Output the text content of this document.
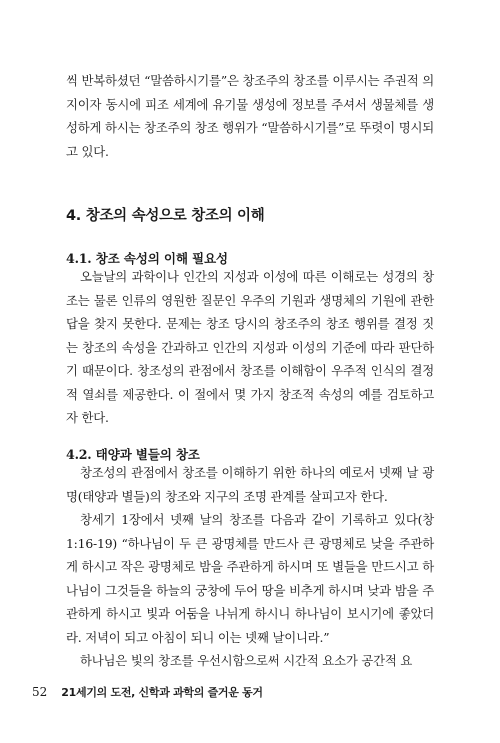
씩 반복하셨던 “말씀하시기를”은 창조주의 창조를 이루시는 주권적 의지이자 동시에 피조 세계에 유기물 생성에 정보를 주셔서 생물체를 생성하게 하시는 창조주의 창조 행위가 “말씀하시기를”로 뚜렷이 명시되고 있다.

4. 창조의 속성으로 창조의 이해
4.1. 창조 속성의 이해 필요성

오늘날의 과학이나 인간의 지성과 이성에 따른 이해로는 성경의 창조는 물론 인류의 영원한 질문인 우주의 기원과 생명체의 기원에 관한 답을 찾지 못한다. 문제는 창조 당시의 창조주의 창조 행위를 결정 짓는 창조의 속성을 간과하고 인간의 지성과 이성의 기준에 따라 판단하기 때문이다. 창조성의 관점에서 창조를 이해함이 우주적 인식의 결정적 열쇠를 제공한다. 이 절에서 몇 가지 창조적 속성의 예를 검토하고자 한다.

4.2. 태양과 별들의 창조

창조성의 관점에서 창조를 이해하기 위한 하나의 예로서 넷째 날 광명(태양과 별들)의 창조와 지구의 조명 관계를 살피고자 한다.

창세기 1장에서 넷째 날의 창조를 다음과 같이 기록하고 있다(창 1:16-19) “하나님이 두 큰 광명체를 만드사 큰 광명체로 낮을 주관하게 하시고 작은 광명체로 밤을 주관하게 하시며 또 별들을 만드시고 하나님이 그것들을 하늘의 궁창에 두어 땅을 비추게 하시며 낮과 밤을 주관하게 하시고 빛과 어둠을 나뉘게 하시니 하나님이 보시기에 좋았더라. 저녁이 되고 아침이 되니 이는 넷째 날이니라.”

하나님은 빛의 창조를 우선시함으로써 시간적 요소가 공간적 요

52 21세기의 도전, 신학과 과학의 즐거운 동거
